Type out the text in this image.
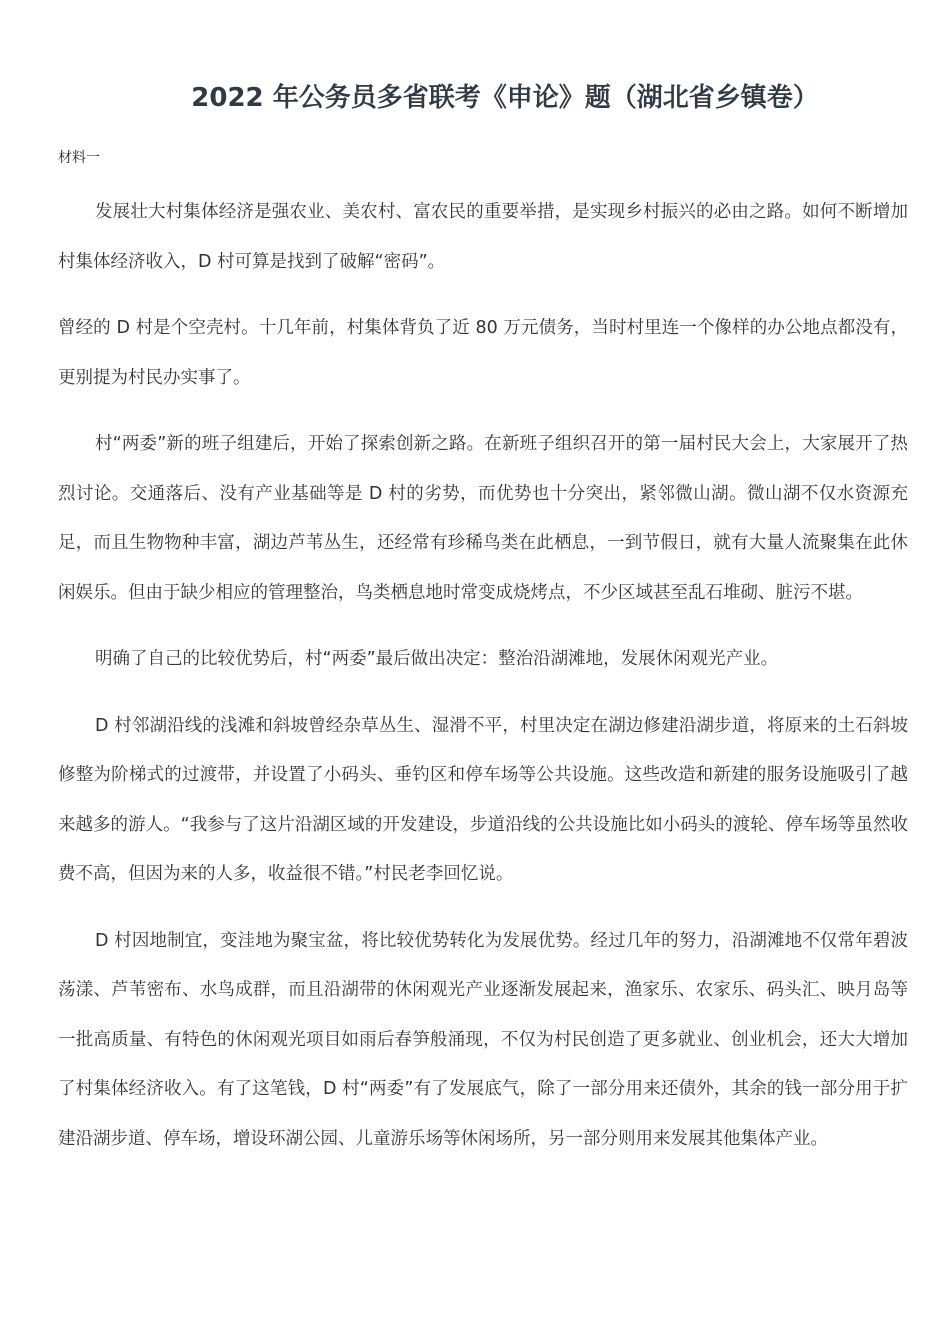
2022 年公务员多省联考《申论》题（湖北省乡镇卷）
材料一

发展壮大村集体经济是强农业、美农村、富农民的重要举措，是实现乡村振兴的必由之路。如何不断增加村集体经济收入，D 村可算是找到了破解“密码”。

曾经的 D 村是个空壳村。十几年前，村集体背负了近 80 万元债务，当时村里连一个像样的办公地点都没有，更别提为村民办实事了。

村“两委”新的班子组建后，开始了探索创新之路。在新班子组织召开的第一届村民大会上，大家展开了热烈讨论。交通落后、没有产业基础等是 D 村的劣势，而优势也十分突出，紧邻微山湖。微山湖不仅水资源充足，而且生物物种丰富，湖边芦苇丛生，还经常有珍稀鸟类在此栖息，一到节假日，就有大量人流聚集在此休闲娱乐。但由于缺少相应的管理整治，鸟类栖息地时常变成烧烤点，不少区域甚至乱石堆砌、脏污不堪。

明确了自己的比较优势后，村“两委”最后做出决定：整治沿湖滩地，发展休闲观光产业。

D 村邻湖沿线的浅滩和斜坡曾经杂草丛生、湿滑不平，村里决定在湖边修建沿湖步道，将原来的土石斜坡修整为阶梯式的过渡带，并设置了小码头、垂钓区和停车场等公共设施。这些改造和新建的服务设施吸引了越来越多的游人。“我参与了这片沿湖区域的开发建设，步道沿线的公共设施比如小码头的渡轮、停车场等虽然收费不高，但因为来的人多，收益很不错。”村民老李回忆说。

D 村因地制宜，变洼地为聚宝盆，将比较优势转化为发展优势。经过几年的努力，沿湖滩地不仅常年碧波荡漾、芦苇密布、水鸟成群，而且沿湖带的休闲观光产业逐渐发展起来，渔家乐、农家乐、码头汇、映月岛等一批高质量、有特色的休闲观光项目如雨后春笋般涌现，不仅为村民创造了更多就业、创业机会，还大大增加了村集体经济收入。有了这笔钱，D 村“两委”有了发展底气，除了一部分用来还债外，其余的钱一部分用于扩建沿湖步道、停车场，增设环湖公园、儿童游乐场等休闲场所，另一部分则用来发展其他集体产业。
